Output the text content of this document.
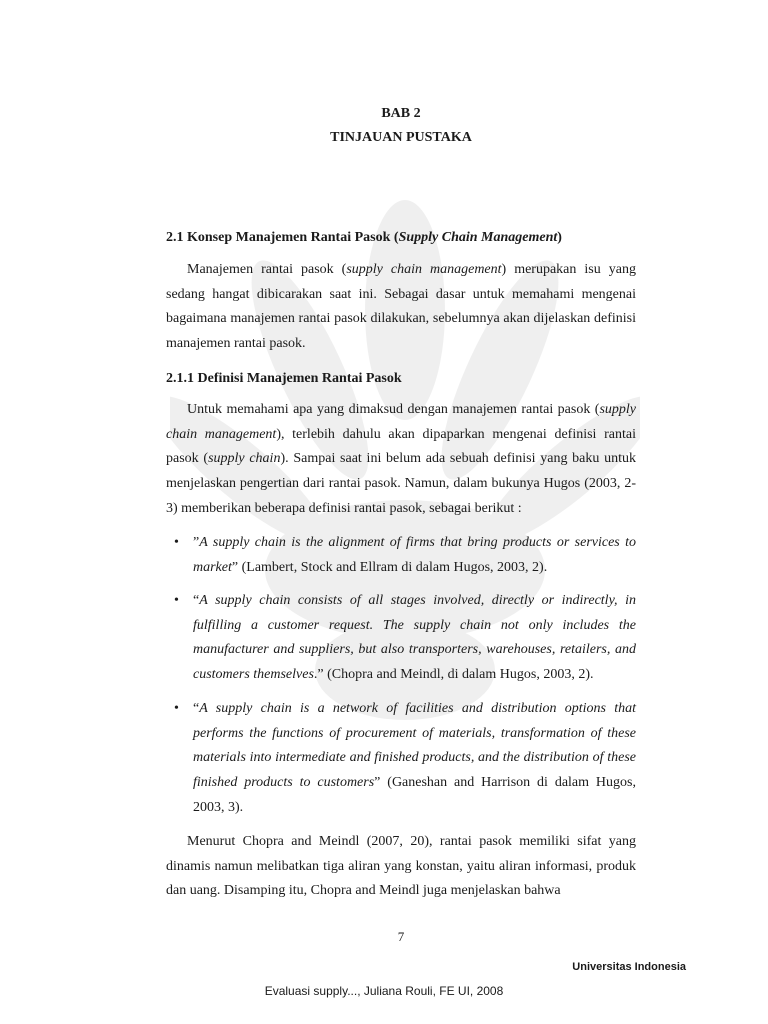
BAB 2
TINJAUAN PUSTAKA
2.1 Konsep Manajemen Rantai Pasok (Supply Chain Management)

Manajemen rantai pasok (supply chain management) merupakan isu yang sedang hangat dibicarakan saat ini. Sebagai dasar untuk memahami mengenai bagaimana manajemen rantai pasok dilakukan, sebelumnya akan dijelaskan definisi manajemen rantai pasok.

2.1.1 Definisi Manajemen Rantai Pasok

Untuk memahami apa yang dimaksud dengan manajemen rantai pasok (supply chain management), terlebih dahulu akan dipaparkan mengenai definisi rantai pasok (supply chain). Sampai saat ini belum ada sebuah definisi yang baku untuk menjelaskan pengertian dari rantai pasok. Namun, dalam bukunya Hugos (2003, 2-3) memberikan beberapa definisi rantai pasok, sebagai berikut :

• ”A supply chain is the alignment of firms that bring products or services to market” (Lambert, Stock and Ellram di dalam Hugos, 2003, 2).
• “A supply chain consists of all stages involved, directly or indirectly, in fulfilling a customer request. The supply chain not only includes the manufacturer and suppliers, but also transporters, warehouses, retailers, and customers themselves.” (Chopra and Meindl, di dalam Hugos, 2003, 2).
• “A supply chain is a network of facilities and distribution options that performs the functions of procurement of materials, transformation of these materials into intermediate and finished products, and the distribution of these finished products to customers” (Ganeshan and Harrison di dalam Hugos, 2003, 3).

Menurut Chopra and Meindl (2007, 20), rantai pasok memiliki sifat yang dinamis namun melibatkan tiga aliran yang konstan, yaitu aliran informasi, produk dan uang. Disamping itu, Chopra and Meindl juga menjelaskan bahwa

7
Universitas Indonesia
Evaluasi supply..., Juliana Rouli, FE UI, 2008
